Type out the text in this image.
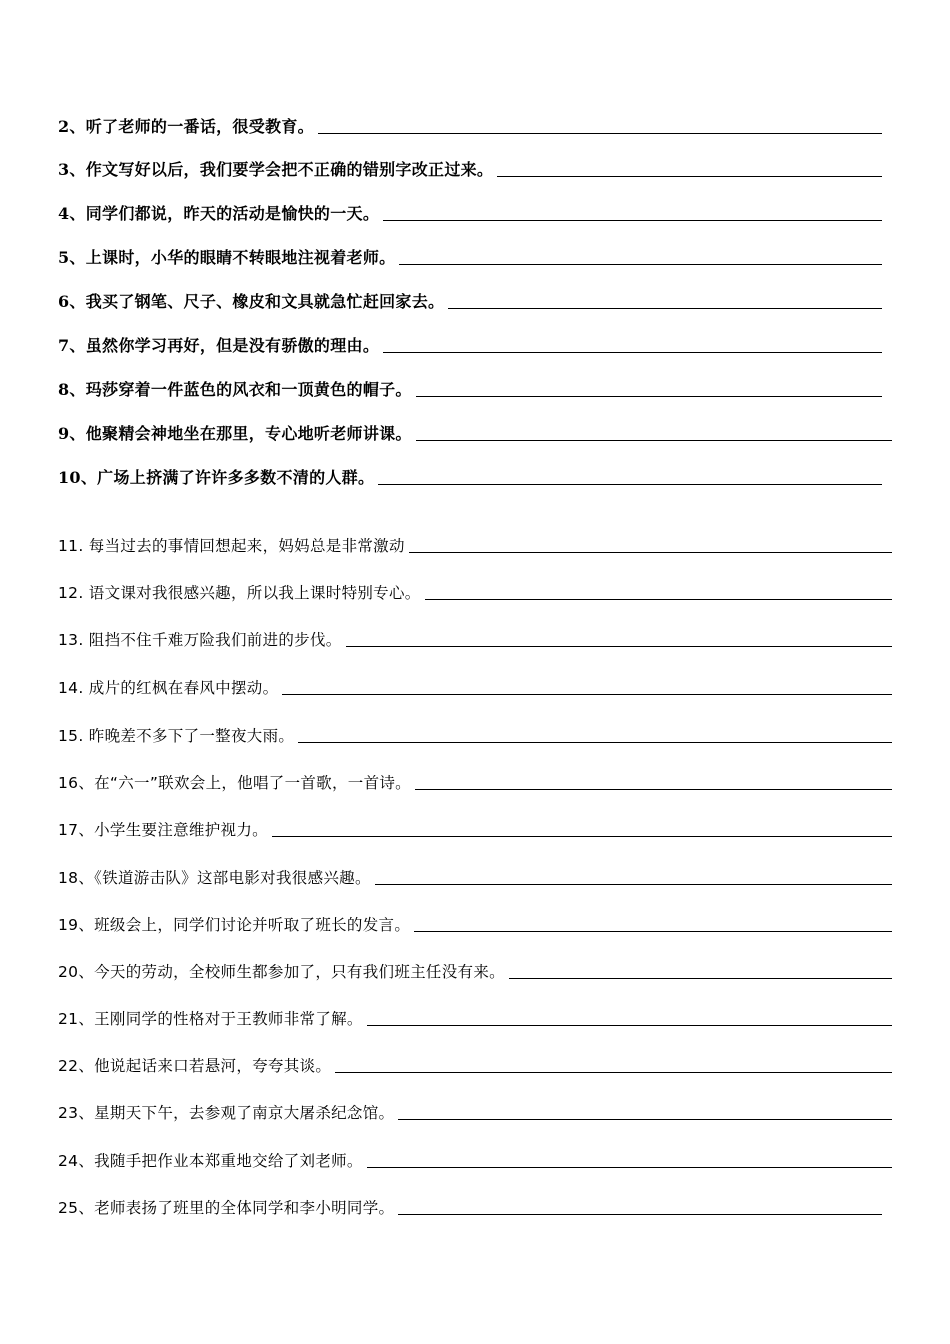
2、听了老师的一番话，很受教育。
3、作文写好以后，我们要学会把不正确的错别字改正过来。
4、同学们都说，昨天的活动是愉快的一天。
5、上课时，小华的眼睛不转眼地注视着老师。
6、我买了钢笔、尺子、橡皮和文具就急忙赶回家去。
7、虽然你学习再好，但是没有骄傲的理由。
8、玛莎穿着一件蓝色的风衣和一顶黄色的帽子。
9、他聚精会神地坐在那里，专心地听老师讲课。
10、广场上挤满了许许多多数不清的人群。
11. 每当过去的事情回想起来，妈妈总是非常激动
12. 语文课对我很感兴趣，所以我上课时特别专心。
13. 阻挡不住千难万险我们前进的步伐。
14. 成片的红枫在春风中摆动。
15. 昨晚差不多下了一整夜大雨。
16、在“六一”联欢会上，他唱了一首歌，一首诗。
17、小学生要注意维护视力。
18、《铁道游击队》这部电影对我很感兴趣。
19、班级会上，同学们讨论并听取了班长的发言。
20、今天的劳动，全校师生都参加了，只有我们班主任没有来。
21、王刚同学的性格对于王教师非常了解。
22、他说起话来口若悬河，夸夸其谈。
23、星期天下午，去参观了南京大屠杀纪念馆。
24、我随手把作业本郑重地交给了刘老师。
25、老师表扬了班里的全体同学和李小明同学。
